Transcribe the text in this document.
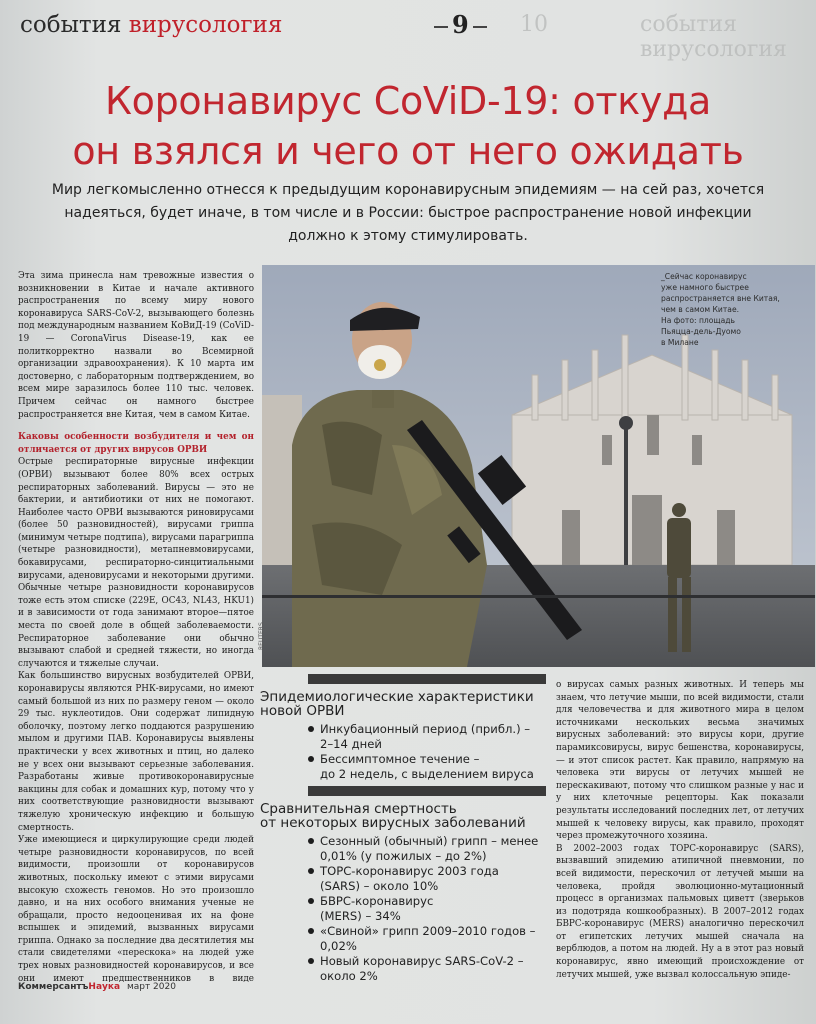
события вирусология	9	10	события вирусология
Коронавирус CoViD-19: откуда
он взялся и чего от него ожидать
Мир легкомысленно отнесся к предыдущим коронавирусным эпидемиям — на сей раз, хочется надеяться, будет иначе, в том числе и в России: быстрое распространение новой инфекции должно к этому стимулировать.

Эта зима принесла нам тревожные известия о возникновении в Китае и начале активного распространения по всему миру нового коронавируса SARS-CoV-2, вызывающего болезнь под международным названием КоВиД-19 (CoViD-19 — CoronaVirus Disease-19, как ее политкорректно назвали во Всемирной организации здравоохранения). К 10 марта им достоверно, с лабораторным подтверждением, во всем мире заразилось более 110 тыс. человек. Причем сейчас он намного быстрее распространяется вне Китая, чем в самом Китае.

Каковы особенности возбудителя и чем он отличается от других вирусов ОРВИ

Острые респираторные вирусные инфекции (ОРВИ) вызывают более 80% всех острых респираторных заболеваний. Вирусы — это не бактерии, и антибиотики от них не помогают. Наиболее часто ОРВИ вызываются риновирусами (более 50 разновидностей), вирусами гриппа (минимум четыре подтипа), вирусами парагриппа (четыре разновидности), метапневмовирусами, бокавирусами, респираторно-синцитиальными вирусами, аденовирусами и некоторыми другими. Обычные четыре разновидности коронавирусов тоже есть этом списке (229E, OC43, NL43, HKU1) и в зависимости от года занимают второе—пятое места по своей доле в общей заболеваемости. Респираторное заболевание они обычно вызывают слабой и средней тяжести, но иногда случаются и тяжелые случаи.

Как большинство вирусных возбудителей ОРВИ, коронавирусы являются РНК-вирусами, но имеют самый большой из них по размеру геном — около 29 тыс. нуклеотидов. Они содержат липидную оболочку, поэтому легко поддаются разрушению мылом и другими ПАВ. Коронавирусы выявлены практически у всех животных и птиц, но далеко не у всех они вызывают серьезные заболевания. Разработаны живые противокоронавирусные вакцины для собак и домашних кур, потому что у них соответствующие разновидности вызывают тяжелую хроническую инфекцию и большую смертность.

Уже имеющиеся и циркулирующие среди людей четыре разновидности коронавирусов, по всей видимости, произошли от коронавирусов животных, поскольку имеют с этими вирусами высокую схожесть геномов. Но это произошло давно, и на них особого внимания ученые не обращали, просто недооценивая их на фоне вспышек и эпидемий, вызванных вирусами гриппа. Однако за последние два десятилетия мы стали свидетелями «перескока» на людей уже трех новых разновидностей коронавирусов, и все они имеют предшественников в виде

_Сейчас коронавирус
уже намного быстрее
распространяется вне Китая,
чем в самом Китае.
На фото: площадь
Пьяцца-дель-Дуомо
в Милане
REUTERS
Эпидемиологические характеристики
новой ОРВИ
Инкубационный период (прибл.) –
2–14 дней
Бессимптомное течение –
до 2 недель, с выделением вируса
Сравнительная смертность
от некоторых вирусных заболеваний
Сезонный (обычный) грипп – менее
0,01% (у пожилых – до 2%)
ТОРС-коронавирус 2003 года
(SARS) – около 10%
БВРС-коронавирус
(MERS) – 34%
«Свиной» грипп 2009–2010 годов –
0,02%
Новый коронавирус SARS-CoV-2 –
около 2%

о вирусах самых разных животных. И теперь мы знаем, что летучие мыши, по всей видимости, стали для человечества и для животного мира в целом источниками нескольких весьма значимых вирусных заболеваний: это вирусы кори, другие парамиксовирусы, вирус бешенства, коронавирусы,— и этот список растет. Как правило, напрямую на человека эти вирусы от летучих мышей не перескакивают, потому что слишком разные у нас и у них клеточные рецепторы. Как показали результаты исследований последних лет, от летучих мышей к человеку вирусы, как правило, проходят через промежуточного хозяина.

В 2002–2003 годах ТОРС-коронавирус (SARS), вызвавший эпидемию атипичной пневмонии, по всей видимости, перескочил от летучей мыши на человека, пройдя эволюционно-мутационный процесс в организмах пальмовых циветт (зверьков из подотряда кошкообразных). В 2007–2012 годах БВРС-коронавирус (MERS) аналогично перескочил от египетских летучих мышей сначала на верблюдов, а потом на людей. Ну а в этот раз новый коронавирус, явно имеющий происхождение от летучих мышей, уже вызвал колоссальную эпиде-

КоммерсантъНаука март 2020
